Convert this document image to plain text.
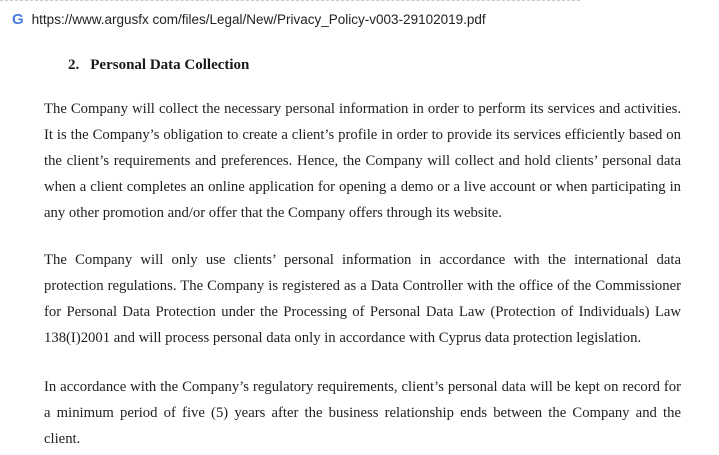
G https://www.argusfx com/files/Legal/New/Privacy_Policy-v003-29102019.pdf
2. Personal Data Collection

The Company will collect the necessary personal information in order to perform its services and activities. It is the Company’s obligation to create a client’s profile in order to provide its services efficiently based on the client’s requirements and preferences. Hence, the Company will collect and hold clients’ personal data when a client completes an online application for opening a demo or a live account or when participating in any other promotion and/or offer that the Company offers through its website.

The Company will only use clients’ personal information in accordance with the international data protection regulations. The Company is registered as a Data Controller with the office of the Commissioner for Personal Data Protection under the Processing of Personal Data Law (Protection of Individuals) Law 138(I)2001 and will process personal data only in accordance with Cyprus data protection legislation.

In accordance with the Company’s regulatory requirements, client’s personal data will be kept on record for a minimum period of five (5) years after the business relationship ends between the Company and the client.
